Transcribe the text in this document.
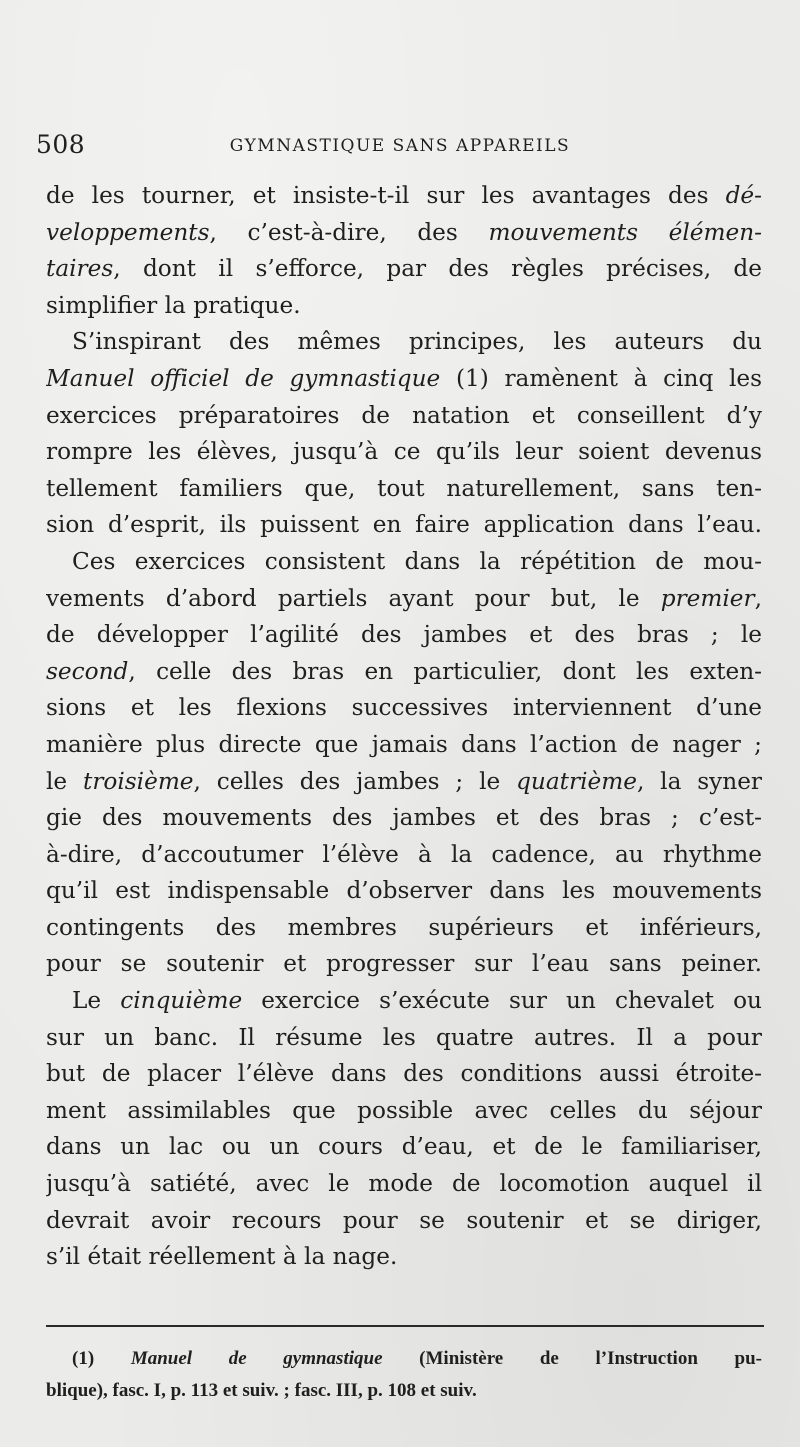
508	GYMNASTIQUE SANS APPAREILS
de les tourner, et insiste-t-il sur les avantages des dé-
veloppements, c’est-à-dire, des mouvements élémen-
taires, dont il s’efforce, par des règles précises, de
simplifier la pratique.
S’inspirant des mêmes principes, les auteurs du
Manuel officiel de gymnastique (1) ramènent à cinq les
exercices préparatoires de natation et conseillent d’y
rompre les élèves, jusqu’à ce qu’ils leur soient devenus
tellement familiers que, tout naturellement, sans ten-
sion d’esprit, ils puissent en faire application dans l’eau.
Ces exercices consistent dans la répétition de mou-
vements d’abord partiels ayant pour but, le premier,
de développer l’agilité des jambes et des bras ; le
second, celle des bras en particulier, dont les exten-
sions et les flexions successives interviennent d’une
manière plus directe que jamais dans l’action de nager ;
le troisième, celles des jambes ; le quatrième, la syner
gie des mouvements des jambes et des bras ; c’est-
à-dire, d’accoutumer l’élève à la cadence, au rhythme
qu’il est indispensable d’observer dans les mouvements
contingents des membres supérieurs et inférieurs,
pour se soutenir et progresser sur l’eau sans peiner.
Le cinquième exercice s’exécute sur un chevalet ou
sur un banc. Il résume les quatre autres. Il a pour
but de placer l’élève dans des conditions aussi étroite-
ment assimilables que possible avec celles du séjour
dans un lac ou un cours d’eau, et de le familiariser,
jusqu’à satiété, avec le mode de locomotion auquel il
devrait avoir recours pour se soutenir et se diriger,
s’il était réellement à la nage.
(1) Manuel de gymnastique (Ministère de l’Instruction pu-
blique), fasc. I, p. 113 et suiv. ; fasc. III, p. 108 et suiv.
